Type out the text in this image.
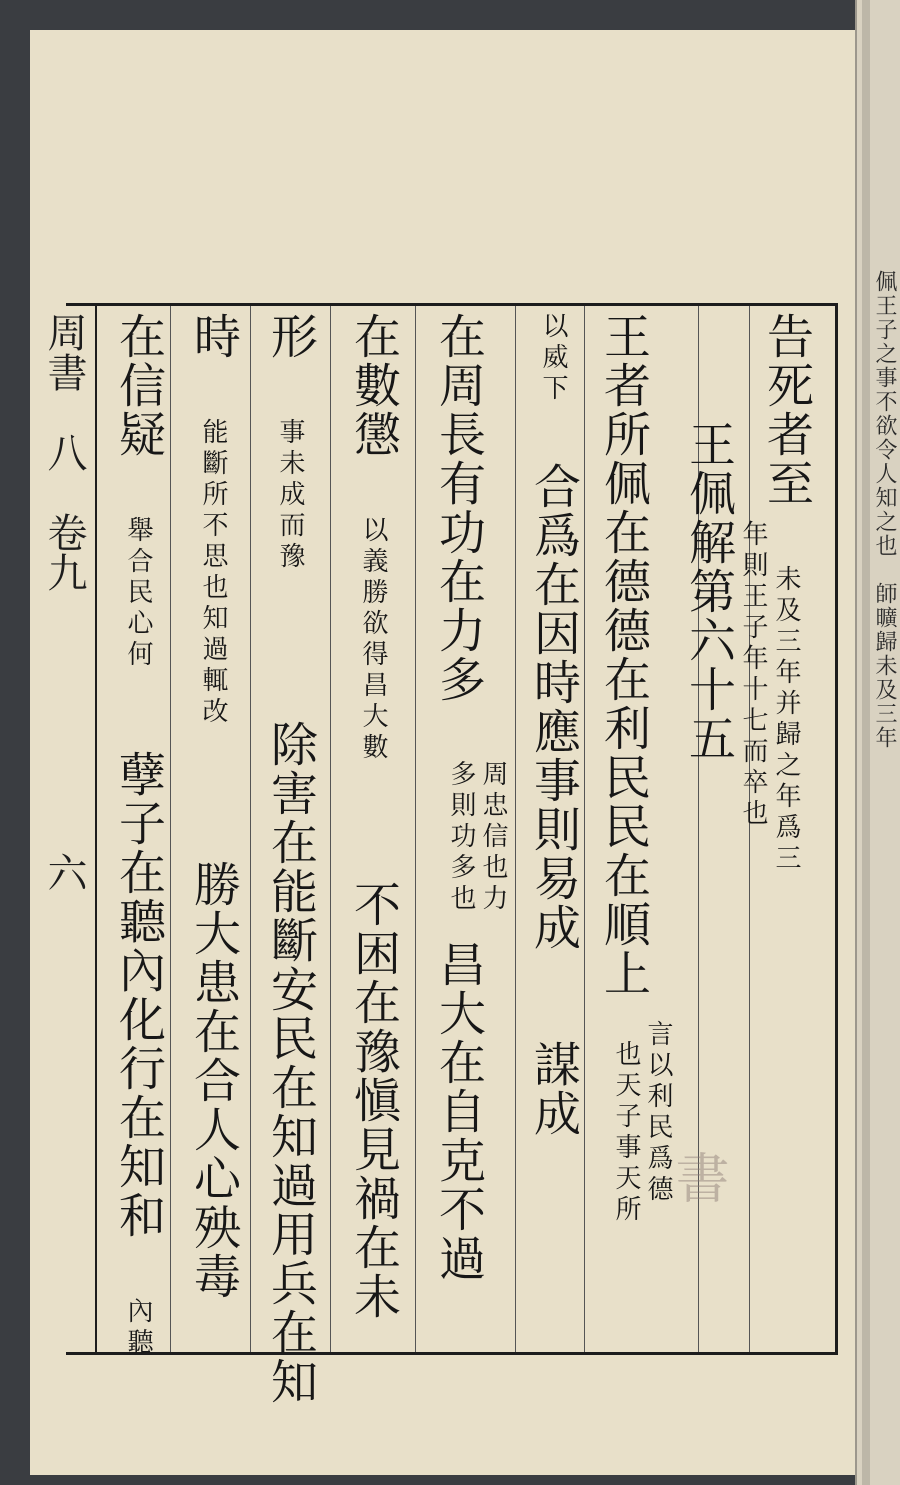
周書　八　卷九六
告死者至 未及三年并歸之年爲三
年則王子年十七而卒也
王佩解第六十五
王者所佩在德德在利民民在順上
言以利民爲德
也天子事天所
以威下 合爲在因時應事則易成
謀成
在周長有功在力多
周忠信也力
多則功多也
昌大在自克不過
在數懲 以義勝欲得昌大數
不困在豫愼見禍在未
形 事未成而豫
除害在能斷安民在知過用兵在知
時 能斷所不思也知過輒改
勝大患在合人心殃毒
在信疑 舉合民心何
孽子在聽內化行在知和 內聽
佩王子之事不欲令人知之也　師曠歸未及三年
書
